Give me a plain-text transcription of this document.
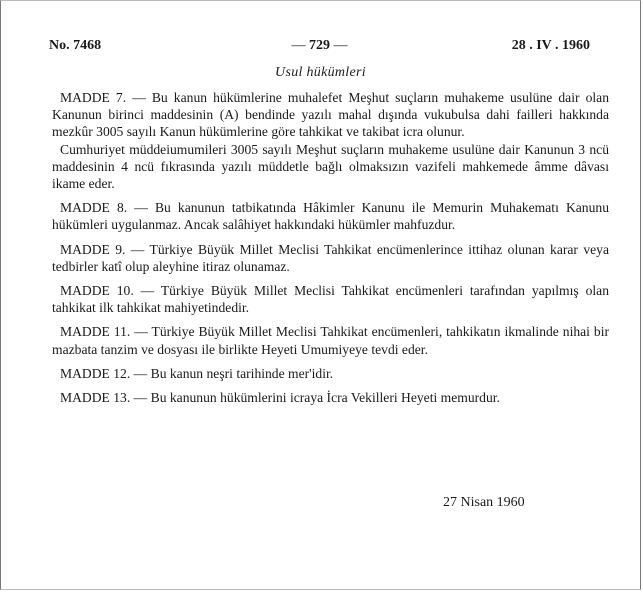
No. 7468	— 729 —	28 . IV . 1960
Usul hükümleri

MADDE 7. — Bu kanun hükümlerine muhalefet Meşhut suçların muhakeme usulüne dair olan Kanunun birinci maddesinin (A) bendinde yazılı mahal dışında vukubulsa dahi failleri hakkında mezkûr 3005 sayılı Kanun hükümlerine göre tahkikat ve takibat icra olunur.

Cumhuriyet müddeiumumileri 3005 sayılı Meşhut suçların muhakeme usulüne dair Kanunun 3 ncü maddesinin 4 ncü fıkrasında yazılı müddetle bağlı olmaksızın vazifeli mahkemede âmme dâvası ikame eder.

MADDE 8. — Bu kanunun tatbikatında Hâkimler Kanunu ile Memurin Muhakematı Kanunu hükümleri uygulanmaz. Ancak salâhiyet hakkındaki hükümler mahfuzdur.

MADDE 9. — Türkiye Büyük Millet Meclisi Tahkikat encümenlerince ittihaz olunan karar veya tedbirler katî olup aleyhine itiraz olunamaz.

MADDE 10. — Türkiye Büyük Millet Meclisi Tahkikat encümenleri tarafından yapılmış olan tahkikat ilk tahkikat mahiyetindedir.

MADDE 11. — Türkiye Büyük Millet Meclisi Tahkikat encümenleri, tahkikatın ikmalinde nihai bir mazbata tanzim ve dosyası ile birlikte Heyeti Umumiyeye tevdi eder.

MADDE 12. — Bu kanun neşri tarihinde mer'idir.

MADDE 13. — Bu kanunun hükümlerini icraya İcra Vekilleri Heyeti memurdur.

27 Nisan 1960
